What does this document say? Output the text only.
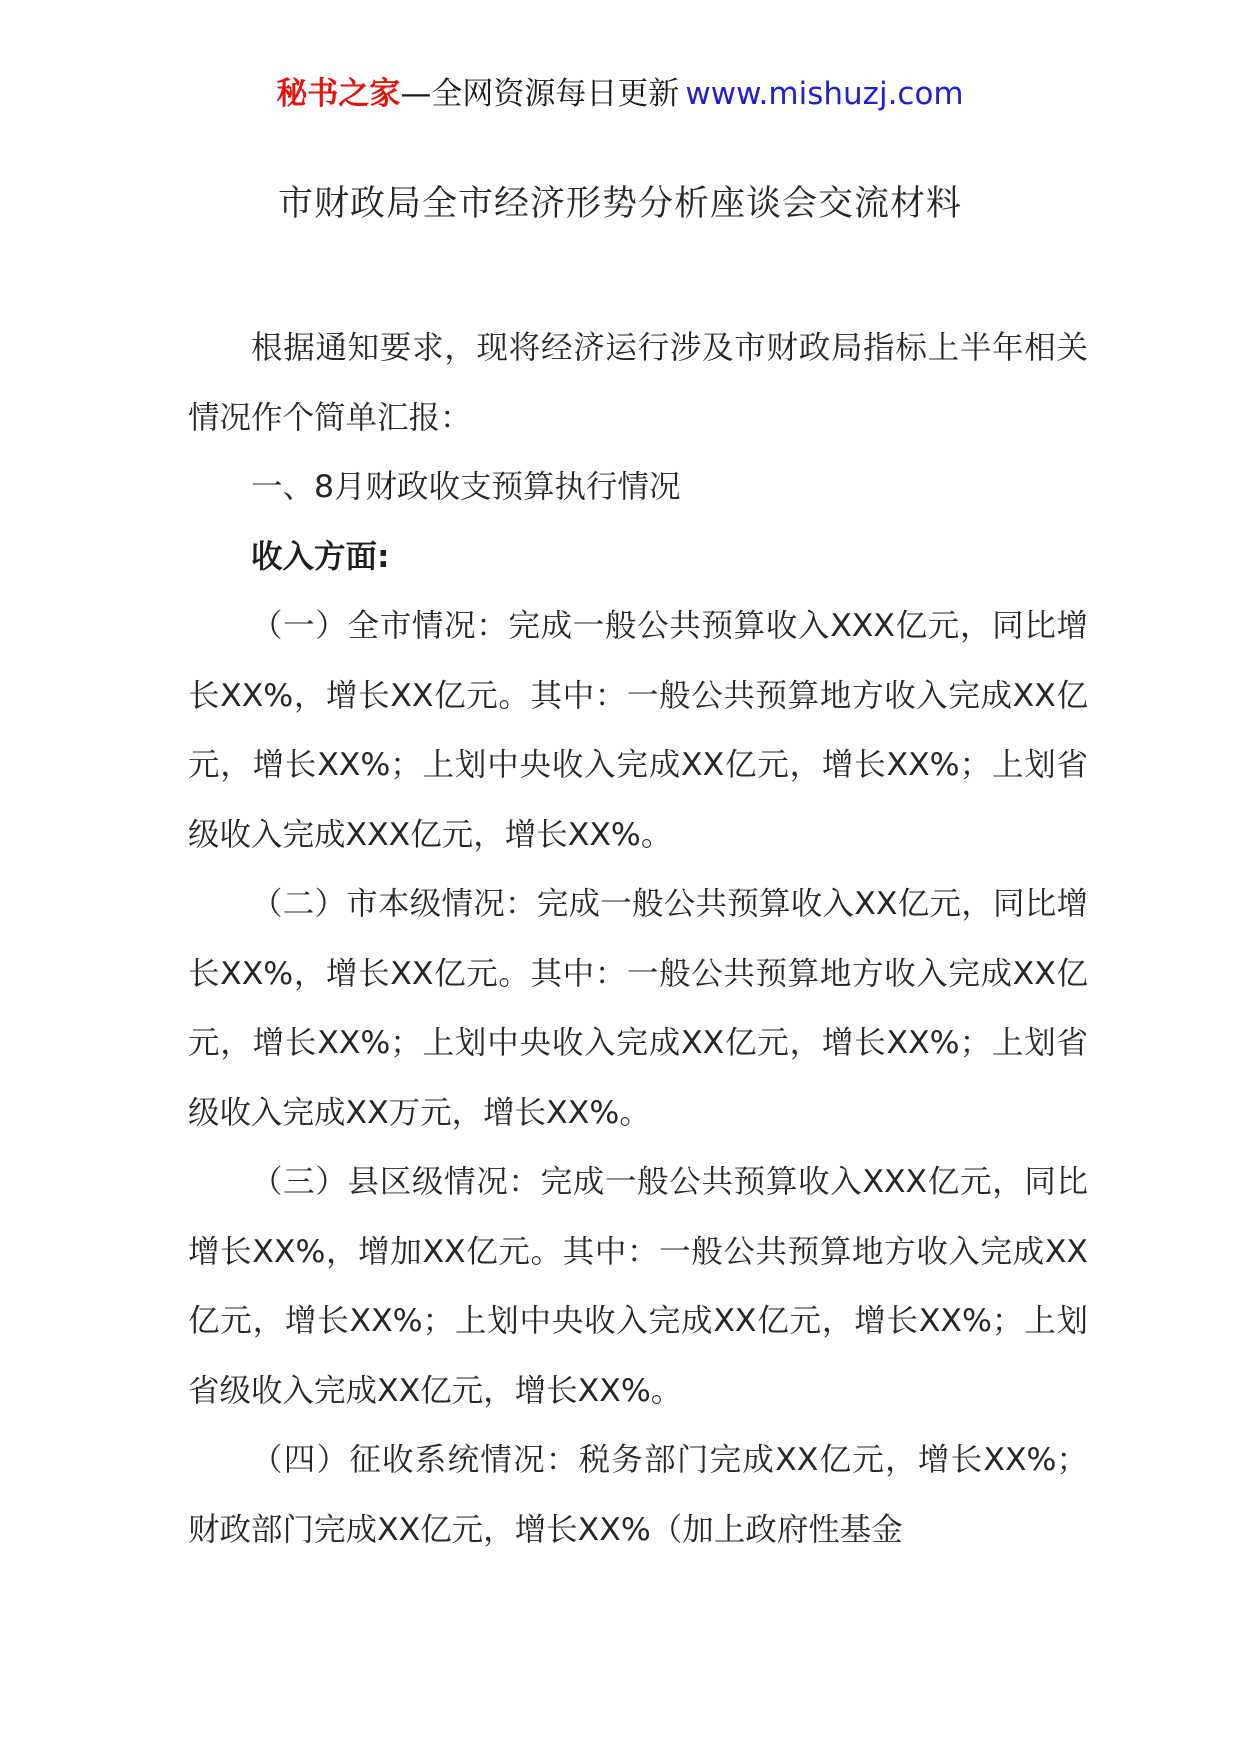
秘书之家—全网资源每日更新 www.mishuzj.com
市财政局全市经济形势分析座谈会交流材料

根据通知要求，现将经济运行涉及市财政局指标上半年相关情况作个简单汇报：

一、8月财政收支预算执行情况

收入方面:

（一）全市情况：完成一般公共预算收入XXX亿元，同比增长XX%，增长XX亿元。其中：一般公共预算地方收入完成XX亿元，增长XX%；上划中央收入完成XX亿元，增长XX%；上划省级收入完成XXX亿元，增长XX%。

（二）市本级情况：完成一般公共预算收入XX亿元，同比增长XX%，增长XX亿元。其中：一般公共预算地方收入完成XX亿元，增长XX%；上划中央收入完成XX亿元，增长XX%；上划省级收入完成XX万元，增长XX%。

（三）县区级情况：完成一般公共预算收入XXX亿元，同比增长XX%，增加XX亿元。其中：一般公共预算地方收入完成XX亿元，增长XX%；上划中央收入完成XX亿元，增长XX%；上划省级收入完成XX亿元，增长XX%。

（四）征收系统情况：税务部门完成XX亿元，增长XX%；财政部门完成XX亿元，增长XX%（加上政府性基金
